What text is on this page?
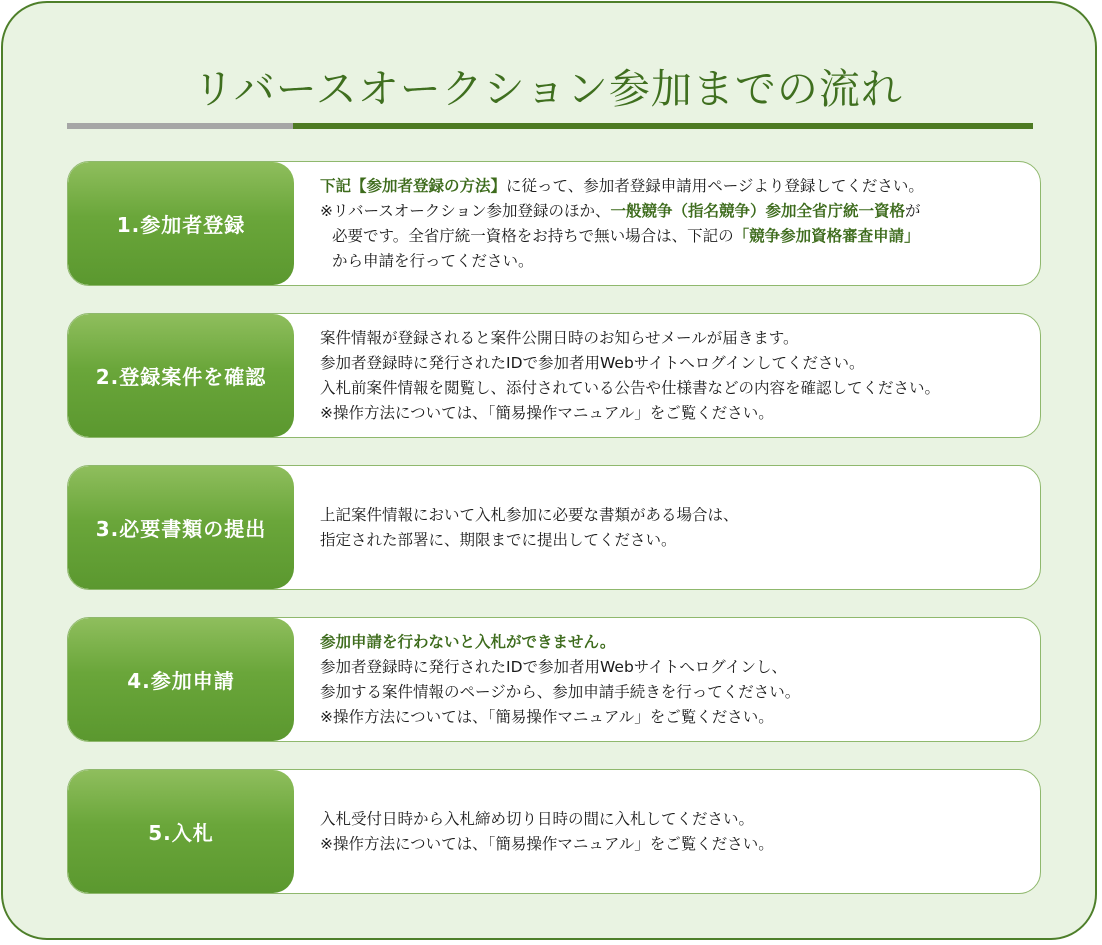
リバースオークション参加までの流れ
1.参加者登録
下記【参加者登録の方法】に従って、参加者登録申請用ページより登録してください。
※リバースオークション参加登録のほか、一般競争（指名競争）参加全省庁統一資格が
必要です。全省庁統一資格をお持ちで無い場合は、下記の「競争参加資格審査申請」
から申請を行ってください。
2.登録案件を確認
案件情報が登録されると案件公開日時のお知らせメールが届きます。
参加者登録時に発行されたIDで参加者用Webサイトへログインしてください。
入札前案件情報を閲覧し、添付されている公告や仕様書などの内容を確認してください。
※操作方法については、「簡易操作マニュアル」をご覧ください。
3.必要書類の提出
上記案件情報において入札参加に必要な書類がある場合は、
指定された部署に、期限までに提出してください。
4.参加申請
参加申請を行わないと入札ができません。
参加者登録時に発行されたIDで参加者用Webサイトへログインし、
参加する案件情報のページから、参加申請手続きを行ってください。
※操作方法については、「簡易操作マニュアル」をご覧ください。
5.入札
入札受付日時から入札締め切り日時の間に入札してください。
※操作方法については、「簡易操作マニュアル」をご覧ください。
